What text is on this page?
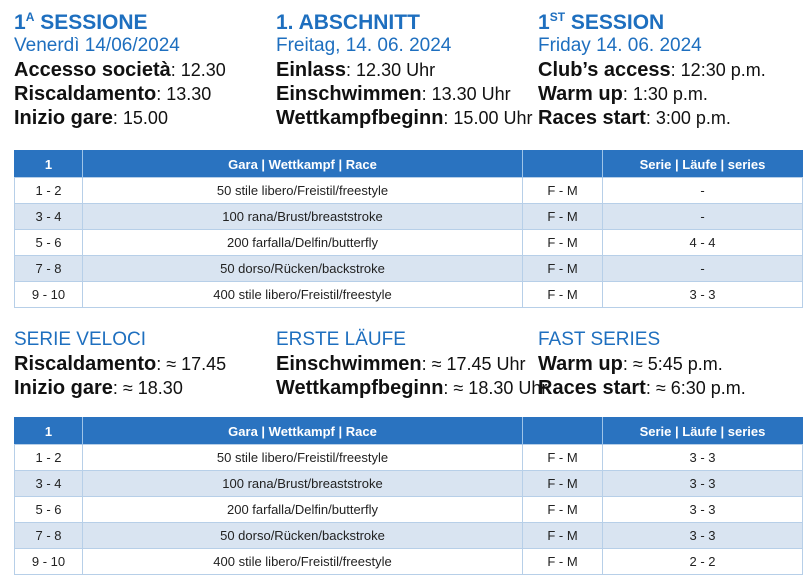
$1^A$ SESSIONE
Venerdì 14/06/2024
Accesso società: 12.30
Riscaldamento: 13.30
Inizio gare: 15.00
1. ABSCHNITT
Freitag, 14. 06. 2024
Einlass: 12.30 Uhr
Einschwimmen: 13.30 Uhr
Wettkampfbeginn: 15.00 Uhr
1ST SESSION
Friday 14. 06. 2024
Club’s access: 12:30 p.m.
Warm up: 1:30 p.m.
Races start: 3:00 p.m.
1	Gara | Wettkampf | Race		Serie | Läufe | series
1 - 2	50 stile libero/Freistil/freestyle	F - M	-
3 - 4	100 rana/Brust/breaststroke	F - M	-
5 - 6	200 farfalla/Delfin/butterfly	F - M	4 - 4
7 - 8	50 dorso/Rücken/backstroke	F - M	-
9 - 10	400 stile libero/Freistil/freestyle	F - M	3 - 3
SERIE VELOCI
Riscaldamento: ≈ 17.45
Inizio gare: ≈ 18.30
ERSTE LÄUFE
Einschwimmen: ≈ 17.45 Uhr
Wettkampfbeginn: ≈ 18.30 Uhr
FAST SERIES
Warm up: ≈ 5:45 p.m.
Races start: ≈ 6:30 p.m.
1	Gara | Wettkampf | Race		Serie | Läufe | series
1 - 2	50 stile libero/Freistil/freestyle	F - M	3 - 3
3 - 4	100 rana/Brust/breaststroke	F - M	3 - 3
5 - 6	200 farfalla/Delfin/butterfly	F - M	3 - 3
7 - 8	50 dorso/Rücken/backstroke	F - M	3 - 3
9 - 10	400 stile libero/Freistil/freestyle	F - M	2 - 2
